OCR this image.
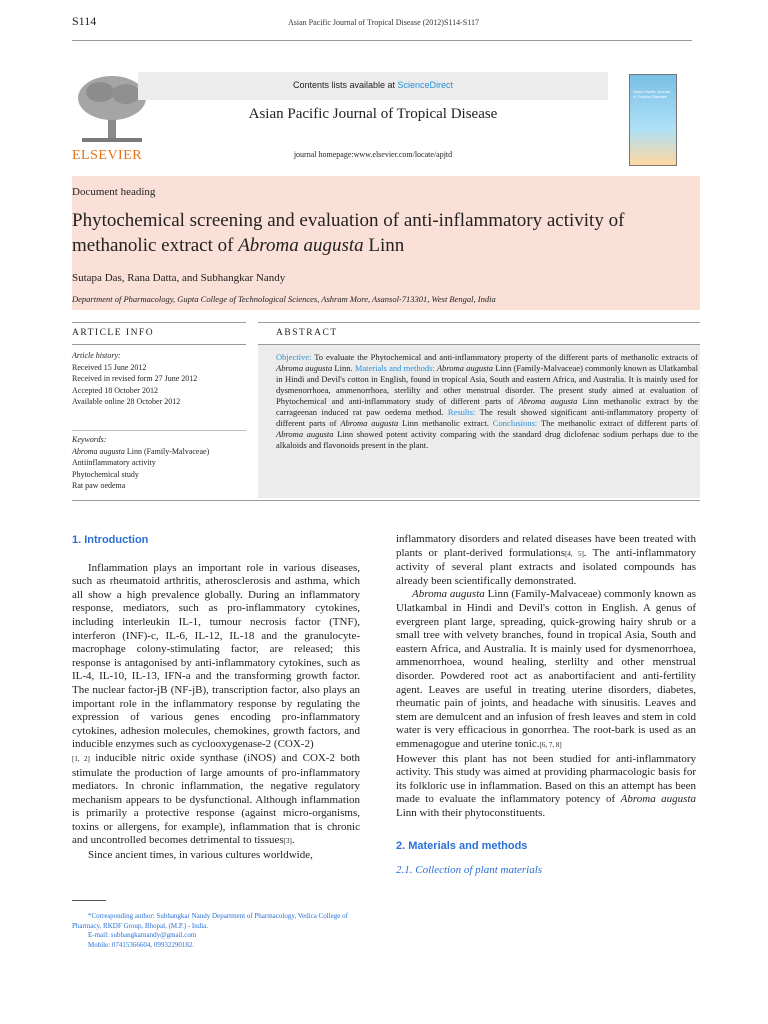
S114	Asian Pacific Journal of Tropical Disease (2012)S114-S117
ELSEVIER
Contents lists available at ScienceDirect
Asian Pacific Journal of Tropical Disease
journal homepage:www.elsevier.com/locate/apjtd
Asian Pacific Journal of Tropical Disease
Document heading
Phytochemical screening and evaluation of anti-inflammatory activity of
methanolic extract of Abroma augusta Linn
Sutapa Das, Rana Datta, and Subhangkar Nandy
Department of Pharmacology, Gupta College of Technological Sciences, Ashram More, Asansol-713301, West Bengal, India
ARTICLE INFO	ABSTRACT
Article history:
Received 15 June 2012
Received in revised form 27 June 2012
Accepted 18 October 2012
Available online 28 October 2012
Keywords:
Abroma augusta Linn (Family-Malvaceae)
Antiinflammatory activity
Phytochemical study
Rat paw oedema
Objective: To evaluate the Phytochemical and anti-inflammatory property of the different parts of methanolic extracts of Abroma augusta Linn. Materials and methods: Abroma augusta Linn (Family-Malvaceae) commonly known as Ulatkambal in Hindi and Devil's cotton in English, found in tropical Asia, South and eastern Africa, and Australia. It is mainly used for dysmenorrhoea, ammenorrhoea, sterlilty and other menstrual disorder. The present study aimed at evaluation of Phytochemical and anti-inflammatory study of different parts of Abroma augusta Linn methanolic extract by the carrageenan induced rat paw oedema method. Results: The result showed significant anti-inflammatory property of different parts of Abroma augusta Linn methanolic extract. Conclusions: The methanolic extract of different parts of Abroma augusta Linn showed potent activity comparing with the standard drug diclofenac sodium perhaps due to the alkaloids and flavonoids present in the plant.
1. Introduction

Inflammation plays an important role in various diseases, such as rheumatoid arthritis, atherosclerosis and asthma, which all show a high prevalence globally. During an inflammatory response, mediators, such as pro-inflammatory cytokines, including interleukin IL-1, tumour necrosis factor (TNF), interferon (INF)-c, IL-6, IL-12, IL-18 and the granulocyte-macrophage colony-stimulating factor, are released; this response is antagonised by anti-inflammatory cytokines, such as IL-4, IL-10, IL-13, IFN-a and the transforming growth factor. The nuclear factor-jB (NF-jB), transcription factor, also plays an important role in the inflammatory response by regulating the expression of various genes encoding pro-inflammatory cytokines, adhesion molecules, chemokines, growth factors, and inducible enzymes such as cyclooxygenase-2 (COX-2)
[1, 2] inducible nitric oxide synthase (iNOS) and COX-2 both stimulate the production of large amounts of pro-inflammatory mediators. In chronic inflammation, the negative regulatory mechanism appears to be dysfunctional. Although inflammation is primarily a protective response (against micro-organisms, toxins or allergens, for example), inflammation that is chronic and uncontrolled becomes detrimental to tissues[3].

Since ancient times, in various cultures worldwide,

inflammatory disorders and related diseases have been treated with plants or plant-derived formulations[4, 5]. The anti-inflammatory activity of several plant extracts and isolated compounds has already been scientifically demonstrated.

Abroma augusta Linn (Family-Malvaceae) commonly known as Ulatkambal in Hindi and Devil's cotton in English. A genus of evergreen plant large, spreading, quick-growing hairy shrub or a small tree with velvety branches, found in tropical Asia, South and eastern Africa, and Australia. It is mainly used for dysmenorrhoea, ammenorrhoea, wound healing, sterlilty and other menstrual disorder. Powdered root act as anabortifacient and anti-fertility agent. Leaves are useful in treating uterine disorders, diabetes, rheumatic pain of joints, and headache with sinusitis. Leaves and stem are demulcent and an infusion of fresh leaves and stem in cold water is very efficacious in gonorrhea. The root-bark is used as an emmenagogue and uterine tonic.[6, 7, 8]

However this plant has not been studied for anti-inflammatory activity. This study was aimed at providing pharmacologic basis for its folkloric use in inflammation. Based on this an attempt has been made to evaluate the inflammatory potency of Abroma augusta Linn with their phytoconstituents.

2. Materials and methods
2.1. Collection of plant materials

*Corresponding author: Subhangkar Nandy Department of Pharmacology, Vedica College of Pharmacy, RKDF Group, Bhopal, (M.P.) - India.

E-mail: subhangkarnandy@gmail.com

Mobile: 07415366604, 09932290182.
